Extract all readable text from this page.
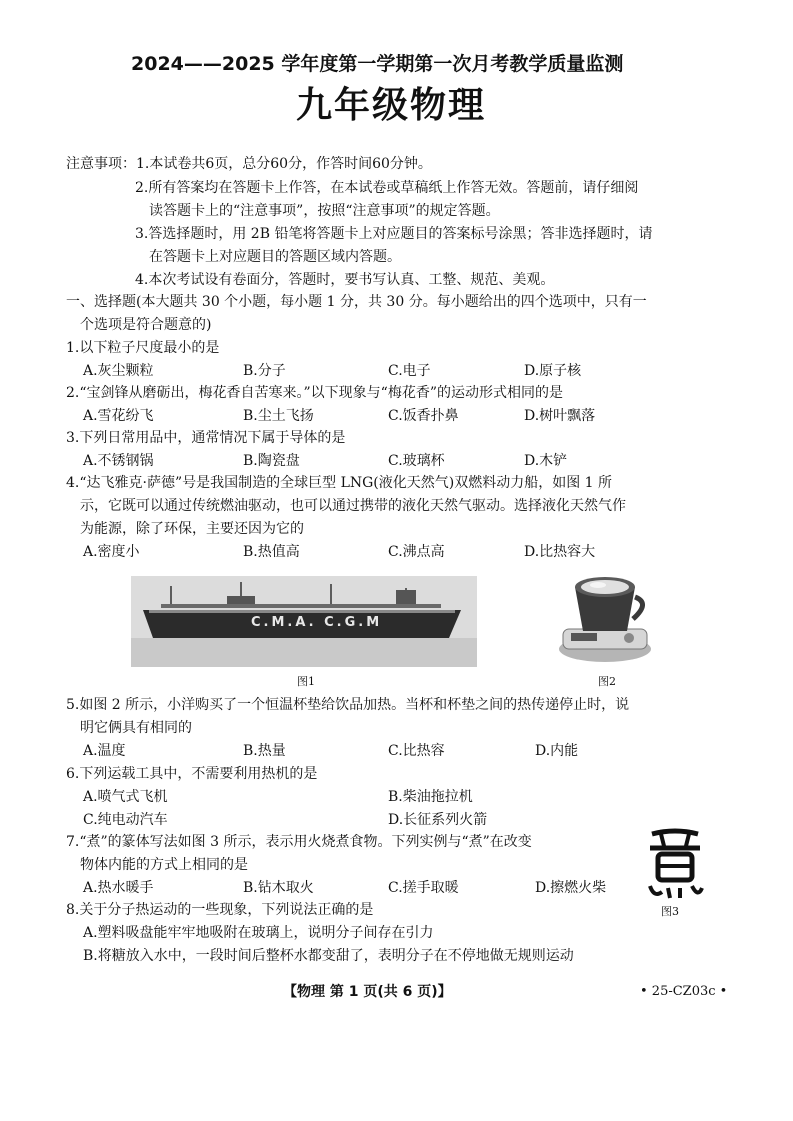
2024——2025 学年度第一学期第一次月考教学质量监测
九年级物理
注意事项：1.本试卷共6页，总分60分，作答时间60分钟。
2.所有答案均在答题卡上作答，在本试卷或草稿纸上作答无效。答题前，请仔细阅
读答题卡上的“注意事项”，按照“注意事项”的规定答题。
3.答选择题时，用 2B 铅笔将答题卡上对应题目的答案标号涂黑；答非选择题时，请
在答题卡上对应题目的答题区域内答题。
4.本次考试设有卷面分，答题时，要书写认真、工整、规范、美观。
一、选择题(本大题共 30 个小题，每小题 1 分，共 30 分。每小题给出的四个选项中，只有一
个选项是符合题意的)
1.以下粒子尺度最小的是
A.灰尘颗粒	B.分子	C.电子	D.原子核
2.“宝剑锋从磨砺出，梅花香自苦寒来。”以下现象与“梅花香”的运动形式相同的是
A.雪花纷飞	B.尘土飞扬	C.饭香扑鼻	D.树叶飘落
3.下列日常用品中，通常情况下属于导体的是
A.不锈钢锅	B.陶瓷盘	C.玻璃杯	D.木铲
4.“达飞雅克·萨德”号是我国制造的全球巨型 LNG(液化天然气)双燃料动力船，如图 1 所
示，它既可以通过传统燃油驱动，也可以通过携带的液化天然气驱动。选择液化天然气作
为能源，除了环保，主要还因为它的
A.密度小	B.热值高	C.沸点高	D.比热容大
C.M.A. C.G.M
图1	图2
5.如图 2 所示，小洋购买了一个恒温杯垫给饮品加热。当杯和杯垫之间的热传递停止时，说
明它俩具有相同的
A.温度	B.热量	C.比热容	D.内能
6.下列运载工具中，不需要利用热机的是
A.喷气式飞机	B.柴油拖拉机
C.纯电动汽车	D.长征系列火箭
7.“煮”的篆体写法如图 3 所示，表示用火烧煮食物。下列实例与“煮”在改变
物体内能的方式上相同的是
A.热水暖手	B.钻木取火	C.搓手取暖	D.擦燃火柴
图3
8.关于分子热运动的一些现象，下列说法正确的是
A.塑料吸盘能牢牢地吸附在玻璃上，说明分子间存在引力
B.将糖放入水中，一段时间后整杯水都变甜了，表明分子在不停地做无规则运动
【物理 第 1 页(共 6 页)】	• 25-CZ03c •
